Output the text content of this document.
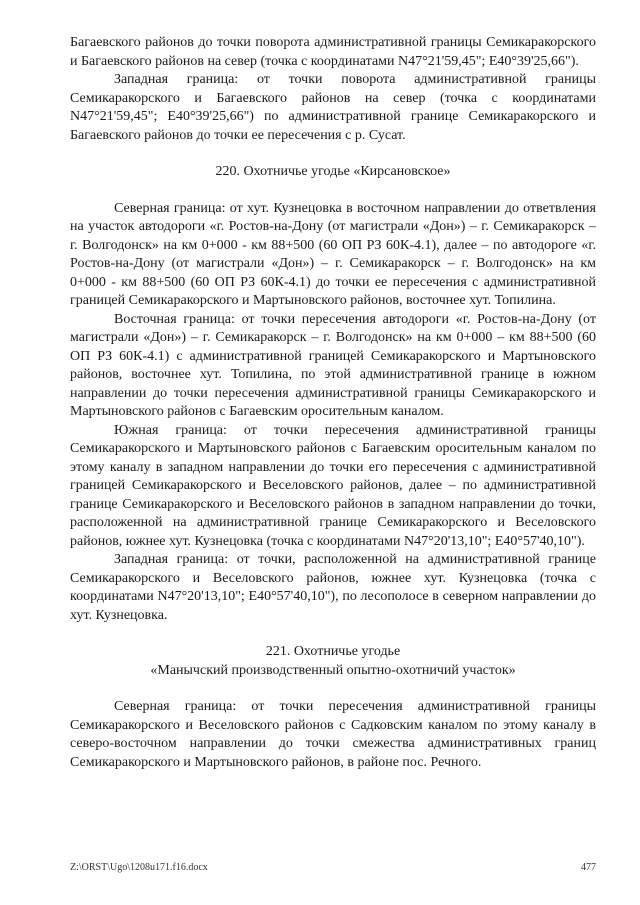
Багаевского районов до точки поворота административной границы Семикаракорского и Багаевского районов на север (точка с координатами N47°21'59,45"; E40°39'25,66").

Западная граница: от точки поворота административной границы Семикаракорского и Багаевского районов на север (точка с координатами N47°21'59,45"; E40°39'25,66") по административной границе Семикаракорского и Багаевского районов до точки ее пересечения с р. Сусат.

220. Охотничье угодье «Кирсановское»

Северная граница: от хут. Кузнецовка в восточном направлении до ответвления на участок автодороги «г. Ростов-на-Дону (от магистрали «Дон») – г. Семикаракорск – г. Волгодонск» на км 0+000 - км 88+500 (60 ОП РЗ 60К-4.1), далее – по автодороге «г. Ростов-на-Дону (от магистрали «Дон») – г. Семикаракорск – г. Волгодонск» на км 0+000 - км 88+500 (60 ОП РЗ 60К-4.1) до точки ее пересечения с административной границей Семикаракорского и Мартыновского районов, восточнее хут. Топилина.

Восточная граница: от точки пересечения автодороги «г. Ростов-на-Дону (от магистрали «Дон») – г. Семикаракорск – г. Волгодонск» на км 0+000 – км 88+500 (60 ОП РЗ 60К-4.1) с административной границей Семикаракорского и Мартыновского районов, восточнее хут. Топилина, по этой административной границе в южном направлении до точки пересечения административной границы Семикаракорского и Мартыновского районов с Багаевским оросительным каналом.

Южная граница: от точки пересечения административной границы Семикаракорского и Мартыновского районов с Багаевским оросительным каналом по этому каналу в западном направлении до точки его пересечения с административной границей Семикаракорского и Веселовского районов, далее – по административной границе Семикаракорского и Веселовского районов в западном направлении до точки, расположенной на административной границе Семикаракорского и Веселовского районов, южнее хут. Кузнецовка (точка с координатами N47°20'13,10"; E40°57'40,10").

Западная граница: от точки, расположенной на административной границе Семикаракорского и Веселовского районов, южнее хут. Кузнецовка (точка с координатами N47°20'13,10"; E40°57'40,10"), по лесополосе в северном направлении до хут. Кузнецовка.

221. Охотничье угодье

«Манычский производственный опытно-охотничий участок»

Северная граница: от точки пересечения административной границы Семикаракорского и Веселовского районов с Садковским каналом по этому каналу в северо-восточном направлении до точки смежества административных границ Семикаракорского и Мартыновского районов, в районе пос. Речного.

Z:\ORST\Ugo\1208u171.f16.docx	477
